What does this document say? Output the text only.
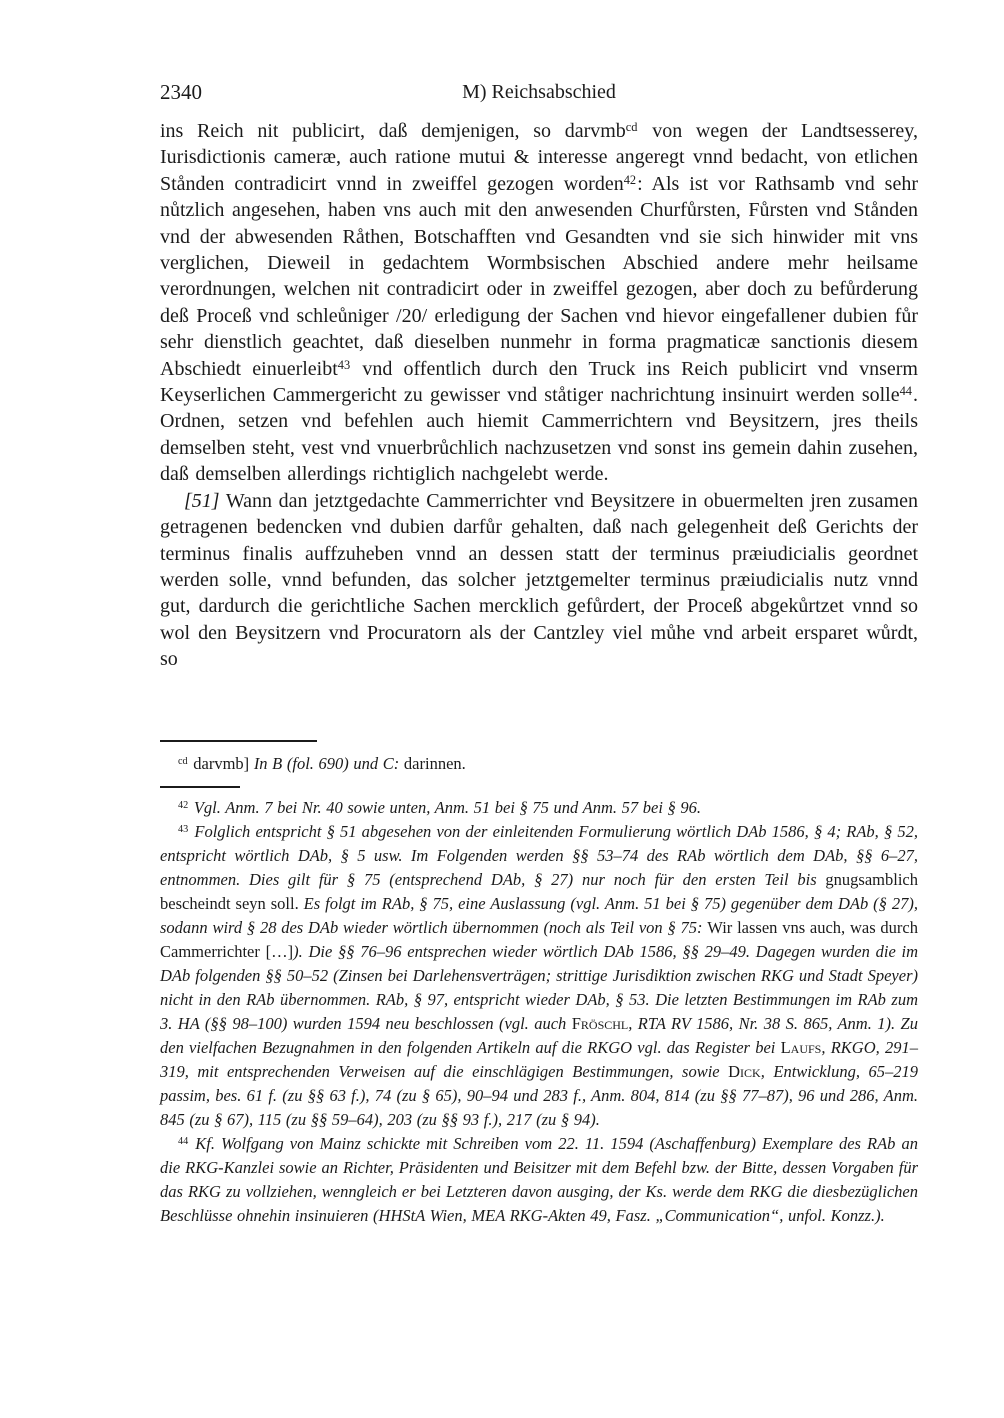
2340	M) Reichsabschied

ins Reich nit publicirt, daß demjenigen, so darvmb$^{cd}$ von wegen der Landtsesserey, Iurisdictionis cameræ, auch ratione mutui & interesse angeregt vnnd bedacht, von etlichen Stånden contradicirt vnnd in zweiffel gezogen worden$^{42}$: Als ist vor Rathsamb vnd sehr nůtzlich angesehen, haben vns auch mit den anwesenden Churfůrsten, Fůrsten vnd Stånden vnd der abwesenden Råthen, Botschafften vnd Gesandten vnd sie sich hinwider mit vns verglichen, Dieweil in gedachtem Wormbsischen Abschied andere mehr heilsame verordnungen, welchen nit contradicirt oder in zweiffel gezogen, aber doch zu befůrderung deß Proceß vnd schleůniger /20/ erledigung der Sachen vnd hievor eingefallener dubien fůr sehr dienstlich geachtet, daß dieselben nunmehr in forma pragmaticæ sanctionis diesem Abschiedt einuerleibt$^{43}$ vnd offentlich durch den Truck ins Reich publicirt vnd vnserm Keyserlichen Cammergericht zu gewisser vnd ståtiger nachrichtung insinuirt werden solle$^{44}$. Ordnen, setzen vnd befehlen auch hiemit Cammerrichtern vnd Beysitzern, jres theils demselben steht, vest vnd vnuerbrůchlich nachzusetzen vnd sonst ins gemein dahin zusehen, daß demselben allerdings richtiglich nachgelebt werde.

[51] Wann dan jetztgedachte Cammerrichter vnd Beysitzere in obuermelten jren zusamen getragenen bedencken vnd dubien darfůr gehalten, daß nach gelegenheit deß Gerichts der terminus finalis auffzuheben vnnd an dessen statt der terminus præiudicialis geordnet werden solle, vnnd befunden, das solcher jetztgemelter terminus præiudicialis nutz vnnd gut, dardurch die gerichtliche Sachen mercklich gefůrdert, der Proceß abgekůrtzet vnnd so wol den Beysitzern vnd Procuratorn als der Cantzley viel můhe vnd arbeit ersparet wůrdt, so

$^{cd}$ darvmb] In B (fol. 690) und C: darinnen.

$^{42}$ Vgl. Anm. 7 bei Nr. 40 sowie unten, Anm. 51 bei § 75 und Anm. 57 bei § 96.

$^{43}$ Folglich entspricht § 51 abgesehen von der einleitenden Formulierung wörtlich DAb 1586, § 4; RAb, § 52, entspricht wörtlich DAb, § 5 usw. Im Folgenden werden §§ 53–74 des RAb wörtlich dem DAb, §§ 6–27, entnommen. Dies gilt für § 75 (entsprechend DAb, § 27) nur noch für den ersten Teil bis gnugsamblich bescheindt seyn soll. Es folgt im RAb, § 75, eine Auslassung (vgl. Anm. 51 bei § 75) gegenüber dem DAb (§ 27), sodann wird § 28 des DAb wieder wörtlich übernommen (noch als Teil von § 75: Wir lassen vns auch, was durch Cammerrichter […]). Die §§ 76–96 entsprechen wieder wörtlich DAb 1586, §§ 29–49. Dagegen wurden die im DAb folgenden §§ 50–52 (Zinsen bei Darlehensverträgen; strittige Jurisdiktion zwischen RKG und Stadt Speyer) nicht in den RAb übernommen. RAb, § 97, entspricht wieder DAb, § 53. Die letzten Bestimmungen im RAb zum 3. HA (§§ 98–100) wurden 1594 neu beschlossen (vgl. auch Fröschl, RTA RV 1586, Nr. 38 S. 865, Anm. 1). Zu den vielfachen Bezugnahmen in den folgenden Artikeln auf die RKGO vgl. das Register bei Laufs, RKGO, 291–319, mit entsprechenden Verweisen auf die einschlägigen Bestimmungen, sowie Dick, Entwicklung, 65–219 passim, bes. 61 f. (zu §§ 63 f.), 74 (zu § 65), 90–94 und 283 f., Anm. 804, 814 (zu §§ 77–87), 96 und 286, Anm. 845 (zu § 67), 115 (zu §§ 59–64), 203 (zu §§ 93 f.), 217 (zu § 94).

$^{44}$ Kf. Wolfgang von Mainz schickte mit Schreiben vom 22. 11. 1594 (Aschaffenburg) Exemplare des RAb an die RKG-Kanzlei sowie an Richter, Präsidenten und Beisitzer mit dem Befehl bzw. der Bitte, dessen Vorgaben für das RKG zu vollziehen, wenngleich er bei Letzteren davon ausging, der Ks. werde dem RKG die diesbezüglichen Beschlüsse ohnehin insinuieren (HHStA Wien, MEA RKG-Akten 49, Fasz. „Communication“, unfol. Konzz.).
